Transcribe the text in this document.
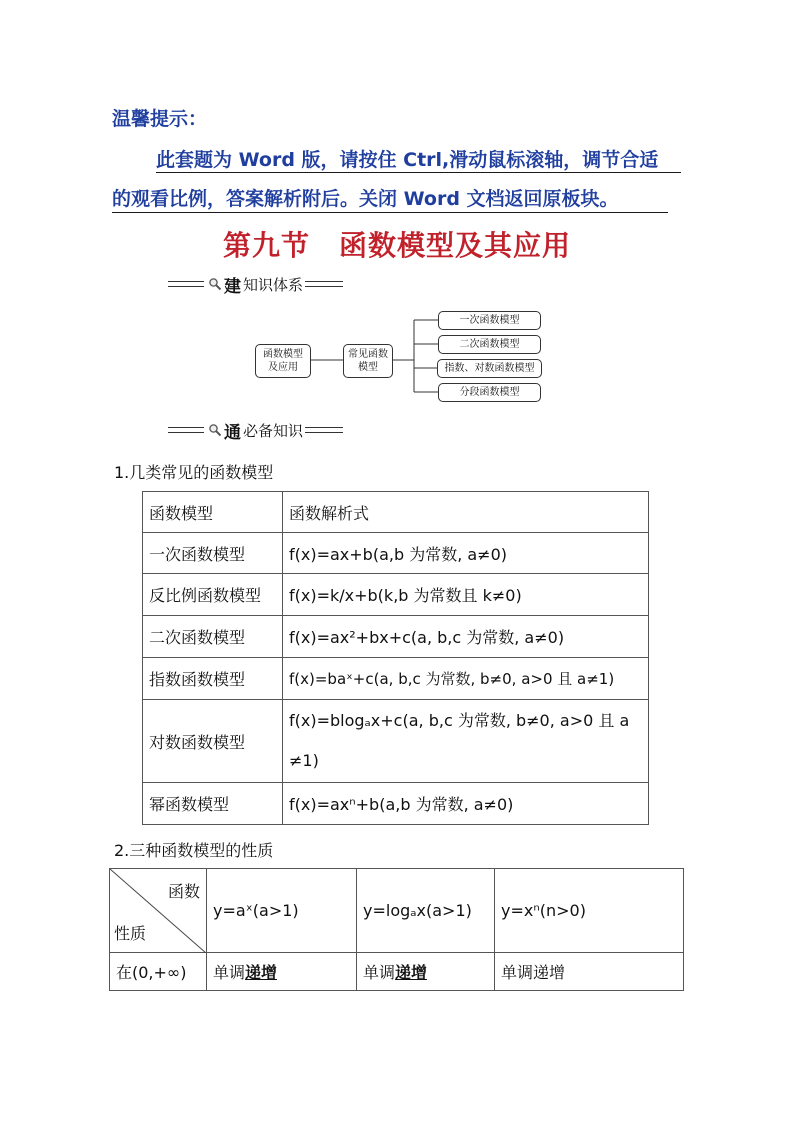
温馨提示：
此套题为 Word 版，请按住 Ctrl,滑动鼠标滚轴，调节合适
的观看比例，答案解析附后。关闭 Word 文档返回原板块。
第九节　函数模型及其应用
建 知识体系
函数模型及应用
常见函数模型
一次函数模型
二次函数模型
指数、对数函数模型
分段函数模型
通 必备知识
1.几类常见的函数模型
函数模型	函数解析式
一次函数模型	f(x)=ax+b(a,b 为常数, a≠0)
反比例函数模型	f(x)=k/x+b(k,b 为常数且 k≠0)
二次函数模型	f(x)=ax²+bx+c(a, b,c 为常数, a≠0)
指数函数模型	f(x)=baˣ+c(a, b,c 为常数, b≠0, a>0 且 a≠1)
对数函数模型	f(x)=blogₐx+c(a, b,c 为常数, b≠0, a>0 且 a ≠1)
幂函数模型	f(x)=axⁿ+b(a,b 为常数, a≠0)
2.三种函数模型的性质
函数
性质	y=aˣ(a>1)	y=logₐx(a>1)	y=xⁿ(n>0)
在(0,+∞)	单调递增	单调递增	单调递增
